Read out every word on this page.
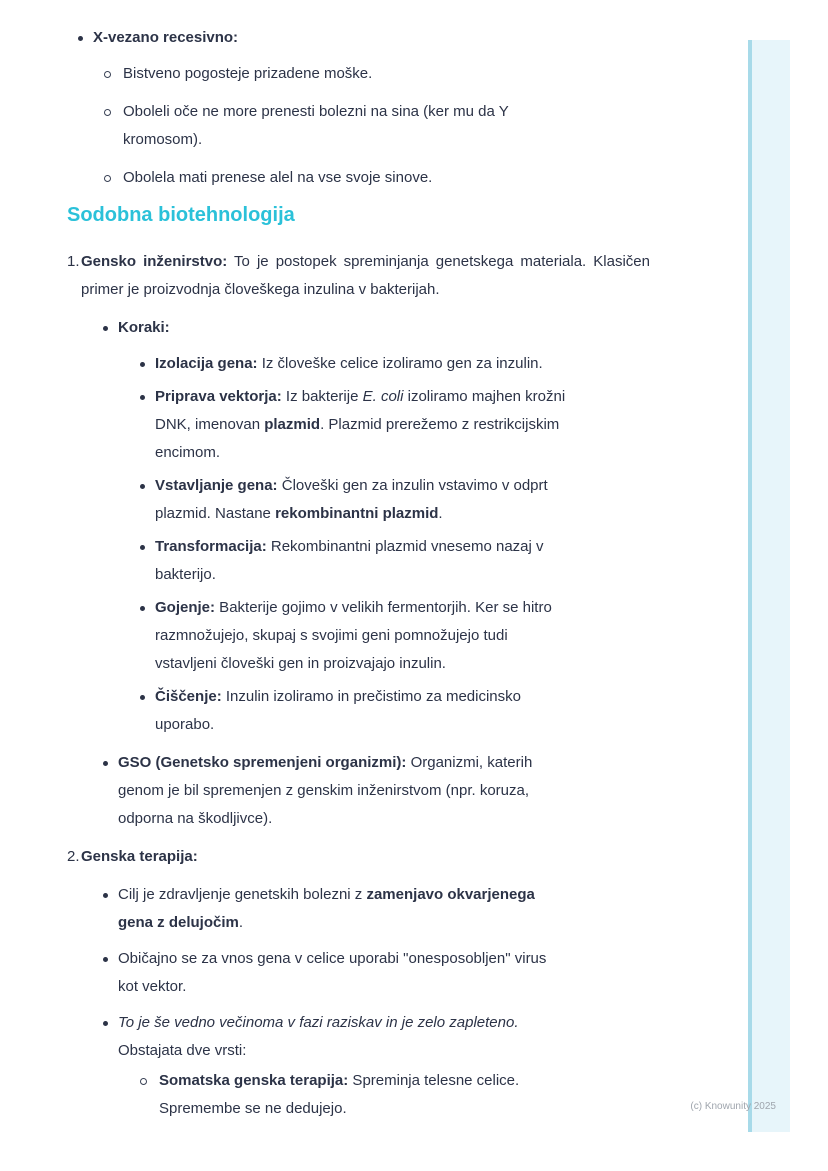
X-vezano recesivno:
Bistveno pogosteje prizadene moške.
Oboleli oče ne more prenesti bolezni na sina (ker mu da Y
kromosom).
Obolela mati prenese alel na vse svoje sinove.
Sodobna biotehnologija
1. Gensko inženirstvo: To je postopek spreminjanja genetskega materiala. Klasičen primer je proizvodnja človeškega inzulina v bakterijah.
Koraki:
Izolacija gena: Iz človeške celice izoliramo gen za inzulin.
Priprava vektorja: Iz bakterije E. coli izoliramo majhen krožni
DNK, imenovan plazmid. Plazmid prerežemo z restrikcijskim
encimom.
Vstavljanje gena: Človeški gen za inzulin vstavimo v odprt
plazmid. Nastane rekombinantni plazmid.
Transformacija: Rekombinantni plazmid vnesemo nazaj v
bakterijo.
Gojenje: Bakterije gojimo v velikih fermentorjih. Ker se hitro
razmnožujejo, skupaj s svojimi geni pomnožujejo tudi
vstavljeni človeški gen in proizvajajo inzulin.
Čiščenje: Inzulin izoliramo in prečistimo za medicinsko
uporabo.
GSO (Genetsko spremenjeni organizmi): Organizmi, katerih
genom je bil spremenjen z genskim inženirstvom (npr. koruza,
odporna na škodljivce).
2. Genska terapija:
Cilj je zdravljenje genetskih bolezni z zamenjavo okvarjenega
gena z delujočim.
Običajno se za vnos gena v celice uporabi "onesposobljen" virus
kot vektor.
To je še vedno večinoma v fazi raziskav in je zelo zapleteno.
Obstajata dve vrsti:
Somatska genska terapija: Spreminja telesne celice.
Spremembe se ne dedujejo.	(c) Knowunity 2025
